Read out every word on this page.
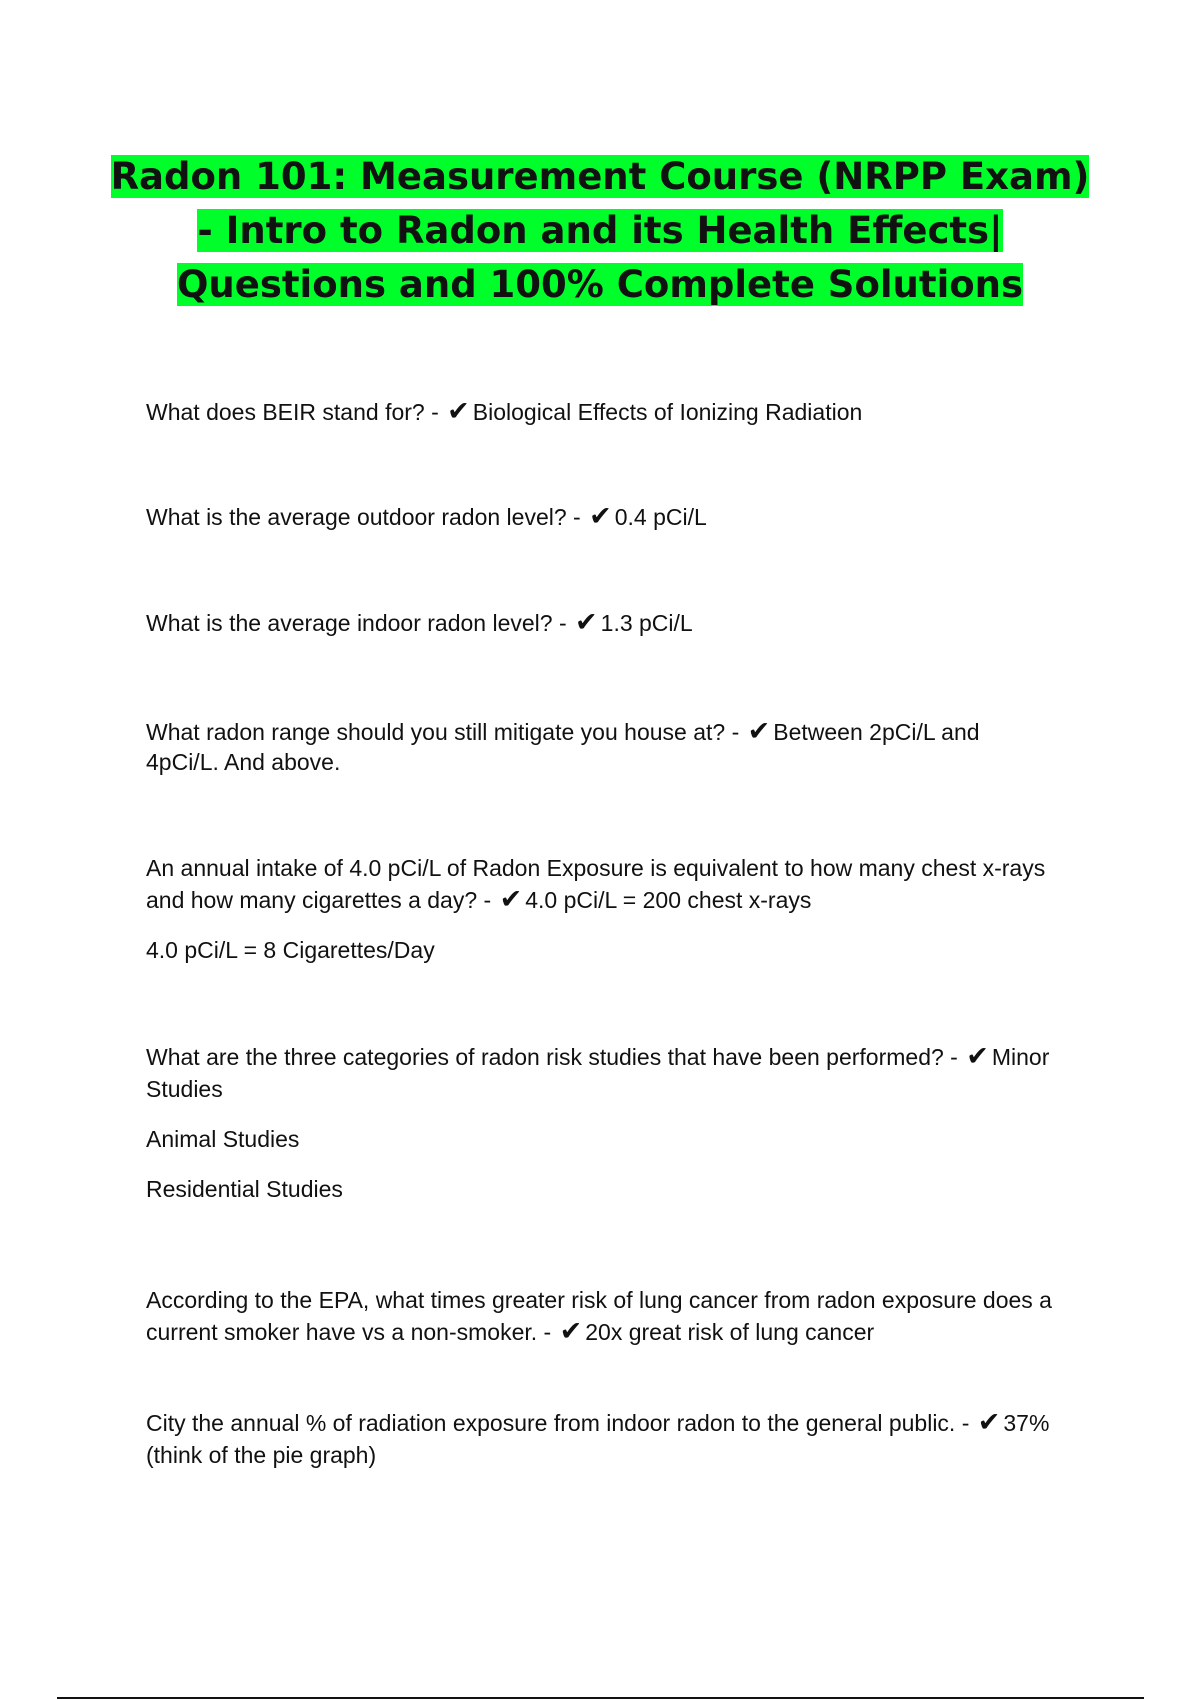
Radon 101: Measurement Course (NRPP Exam) - Intro to Radon and its Health Effects| Questions and 100% Complete Solutions

What does BEIR stand for? - ✔ Biological Effects of Ionizing Radiation

What is the average outdoor radon level? - ✔ 0.4 pCi/L

What is the average indoor radon level? - ✔ 1.3 pCi/L

What radon range should you still mitigate you house at? - ✔ Between 2pCi/L and 4pCi/L. And above.

An annual intake of 4.0 pCi/L of Radon Exposure is equivalent to how many chest x-rays and how many cigarettes a day? - ✔ 4.0 pCi/L = 200 chest x-rays

4.0 pCi/L = 8 Cigarettes/Day

What are the three categories of radon risk studies that have been performed? - ✔ Minor Studies

Animal Studies

Residential Studies

According to the EPA, what times greater risk of lung cancer from radon exposure does a current smoker have vs a non-smoker. - ✔ 20x great risk of lung cancer

City the annual % of radiation exposure from indoor radon to the general public. - ✔ 37% (think of the pie graph)
